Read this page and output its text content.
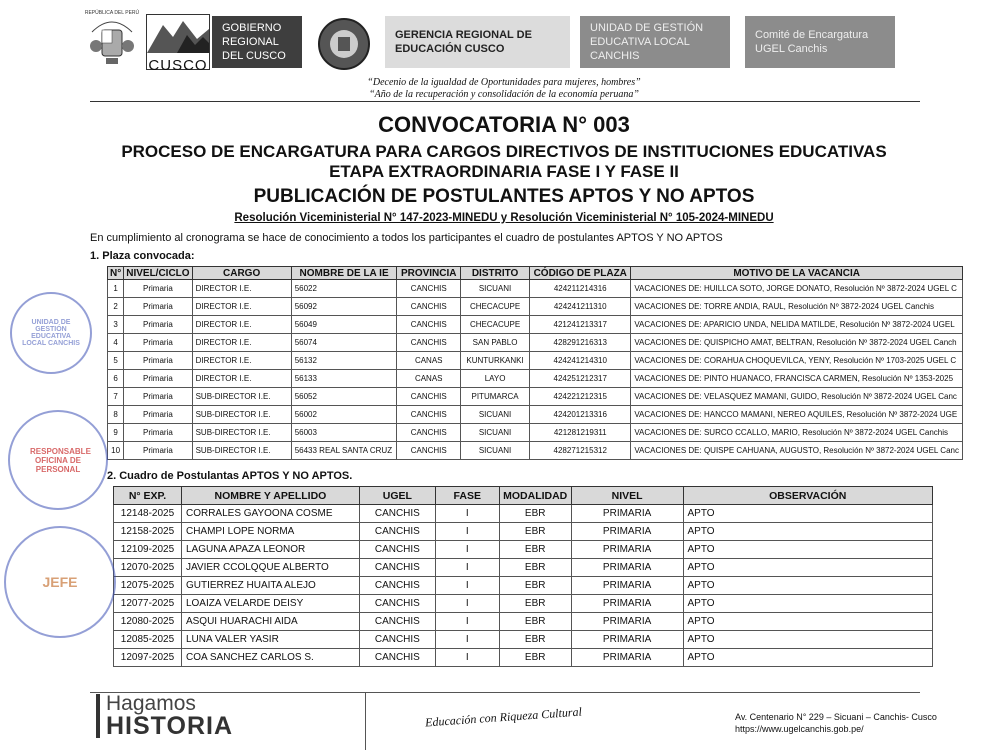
REPÚBLICA DEL PERÚ
CUSCO
GOBIERNO
REGIONAL
DEL CUSCO
GERENCIA REGIONAL DE
EDUCACIÓN CUSCO
UNIDAD DE GESTIÓN
EDUCATIVA LOCAL CANCHIS
Comité de Encargatura
UGEL Canchis
“Decenio de la igualdad de Oportunidades para mujeres, hombres”
“Año de la recuperación y consolidación de la economía peruana”
CONVOCATORIA N° 003
PROCESO DE ENCARGATURA PARA CARGOS DIRECTIVOS DE INSTITUCIONES EDUCATIVAS
ETAPA EXTRAORDINARIA FASE I Y FASE II
PUBLICACIÓN DE POSTULANTES APTOS Y NO APTOS
Resolución Viceministerial N° 147-2023-MINEDU y Resolución Viceministerial N° 105-2024-MINEDU
En cumplimiento al cronograma se hace de conocimiento a todos los participantes el cuadro de postulantes APTOS Y NO APTOS
1. Plaza convocada:
N°	NIVEL/CICLO	CARGO	NOMBRE DE LA IE	PROVINCIA	DISTRITO	CÓDIGO DE PLAZA	MOTIVO DE LA VACANCIA
1	Primaria	DIRECTOR I.E.	56022	CANCHIS	SICUANI	424211214316	VACACIONES DE: HUILLCA SOTO, JORGE DONATO, Resolución Nº 3872-2024 UGEL C
2	Primaria	DIRECTOR I.E.	56092	CANCHIS	CHECACUPE	424241211310	VACACIONES DE: TORRE ANDIA, RAUL, Resolución Nº 3872-2024 UGEL Canchis
3	Primaria	DIRECTOR I.E.	56049	CANCHIS	CHECACUPE	421241213317	VACACIONES DE: APARICIO UNDA, NELIDA MATILDE, Resolución Nº 3872-2024 UGEL
4	Primaria	DIRECTOR I.E.	56074	CANCHIS	SAN PABLO	428291216313	VACACIONES DE: QUISPICHO AMAT, BELTRAN, Resolución Nº 3872-2024 UGEL Canch
5	Primaria	DIRECTOR I.E.	56132	CANAS	KUNTURKANKI	424241214310	VACACIONES DE: CORAHUA CHOQUEVILCA, YENY, Resolución Nº 1703-2025 UGEL C
6	Primaria	DIRECTOR I.E.	56133	CANAS	LAYO	424251212317	VACACIONES DE: PINTO HUANACO, FRANCISCA CARMEN, Resolución Nº 1353-2025
7	Primaria	SUB-DIRECTOR I.E.	56052	CANCHIS	PITUMARCA	424221212315	VACACIONES DE: VELASQUEZ MAMANI, GUIDO, Resolución Nº 3872-2024 UGEL Canc
8	Primaria	SUB-DIRECTOR I.E.	56002	CANCHIS	SICUANI	424201213316	VACACIONES DE: HANCCO MAMANI, NEREO AQUILES, Resolución Nº 3872-2024 UGE
9	Primaria	SUB-DIRECTOR I.E.	56003	CANCHIS	SICUANI	421281219311	VACACIONES DE: SURCO CCALLO, MARIO, Resolución Nº 3872-2024 UGEL Canchis
10	Primaria	SUB-DIRECTOR I.E.	56433 REAL SANTA CRUZ	CANCHIS	SICUANI	428271215312	VACACIONES DE: QUISPE CAHUANA, AUGUSTO, Resolución Nº 3872-2024 UGEL Canc
2. Cuadro de Postulantas APTOS Y NO APTOS.
N° EXP.	NOMBRE Y APELLIDO	UGEL	FASE	MODALIDAD	NIVEL	OBSERVACIÓN
12148-2025	CORRALES GAYOONA COSME	CANCHIS	I	EBR	PRIMARIA	APTO
12158-2025	CHAMPI LOPE NORMA	CANCHIS	I	EBR	PRIMARIA	APTO
12109-2025	LAGUNA APAZA LEONOR	CANCHIS	I	EBR	PRIMARIA	APTO
12070-2025	JAVIER CCOLQQUE ALBERTO	CANCHIS	I	EBR	PRIMARIA	APTO
12075-2025	GUTIERREZ HUAITA ALEJO	CANCHIS	I	EBR	PRIMARIA	APTO
12077-2025	LOAIZA VELARDE DEISY	CANCHIS	I	EBR	PRIMARIA	APTO
12080-2025	ASQUI HUARACHI AIDA	CANCHIS	I	EBR	PRIMARIA	APTO
12085-2025	LUNA VALER YASIR	CANCHIS	I	EBR	PRIMARIA	APTO
12097-2025	COA SANCHEZ CARLOS S.	CANCHIS	I	EBR	PRIMARIA	APTO
UNIDAD DE GESTIÓN EDUCATIVA LOCAL CANCHIS
RESPONSABLE OFICINA DE PERSONAL
JEFE
Hagamos
HISTORIA	Educación con Riqueza Cultural	Av. Centenario N° 229 – Sicuani – Canchis- Cusco
https://www.ugelcanchis.gob.pe/
